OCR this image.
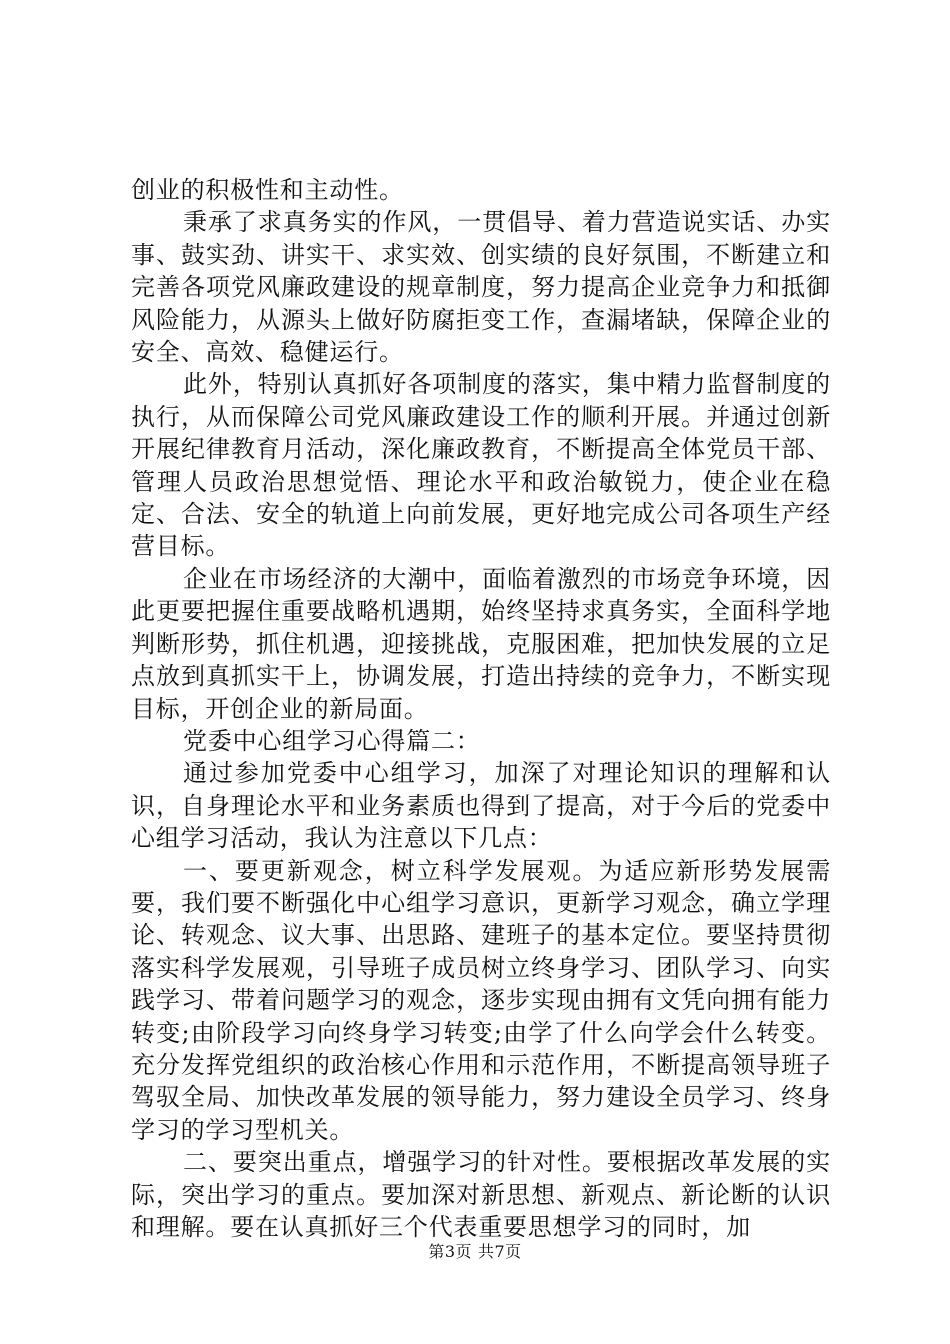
创业的积极性和主动性。

秉承了求真务实的作风，一贯倡导、着力营造说实话、办实事、鼓实劲、讲实干、求实效、创实绩的良好氛围，不断建立和完善各项党风廉政建设的规章制度，努力提高企业竞争力和抵御风险能力，从源头上做好防腐拒变工作，查漏堵缺，保障企业的安全、高效、稳健运行。

此外，特别认真抓好各项制度的落实，集中精力监督制度的执行，从而保障公司党风廉政建设工作的顺利开展。并通过创新开展纪律教育月活动，深化廉政教育，不断提高全体党员干部、管理人员政治思想觉悟、理论水平和政治敏锐力，使企业在稳定、合法、安全的轨道上向前发展，更好地完成公司各项生产经营目标。

企业在市场经济的大潮中，面临着激烈的市场竞争环境，因此更要把握住重要战略机遇期，始终坚持求真务实，全面科学地判断形势，抓住机遇，迎接挑战，克服困难，把加快发展的立足点放到真抓实干上，协调发展，打造出持续的竞争力，不断实现目标，开创企业的新局面。

党委中心组学习心得篇二：

通过参加党委中心组学习，加深了对理论知识的理解和认识，自身理论水平和业务素质也得到了提高，对于今后的党委中心组学习活动，我认为注意以下几点：

一、要更新观念，树立科学发展观。为适应新形势发展需要，我们要不断强化中心组学习意识，更新学习观念，确立学理论、转观念、议大事、出思路、建班子的基本定位。要坚持贯彻落实科学发展观，引导班子成员树立终身学习、团队学习、向实践学习、带着问题学习的观念，逐步实现由拥有文凭向拥有能力转变;由阶段学习向终身学习转变;由学了什么向学会什么转变。充分发挥党组织的政治核心作用和示范作用，不断提高领导班子驾驭全局、加快改革发展的领导能力，努力建设全员学习、终身学习的学习型机关。

二、要突出重点，增强学习的针对性。要根据改革发展的实际，突出学习的重点。要加深对新思想、新观点、新论断的认识和理解。要在认真抓好三个代表重要思想学习的同时，加

第3页 共7页
